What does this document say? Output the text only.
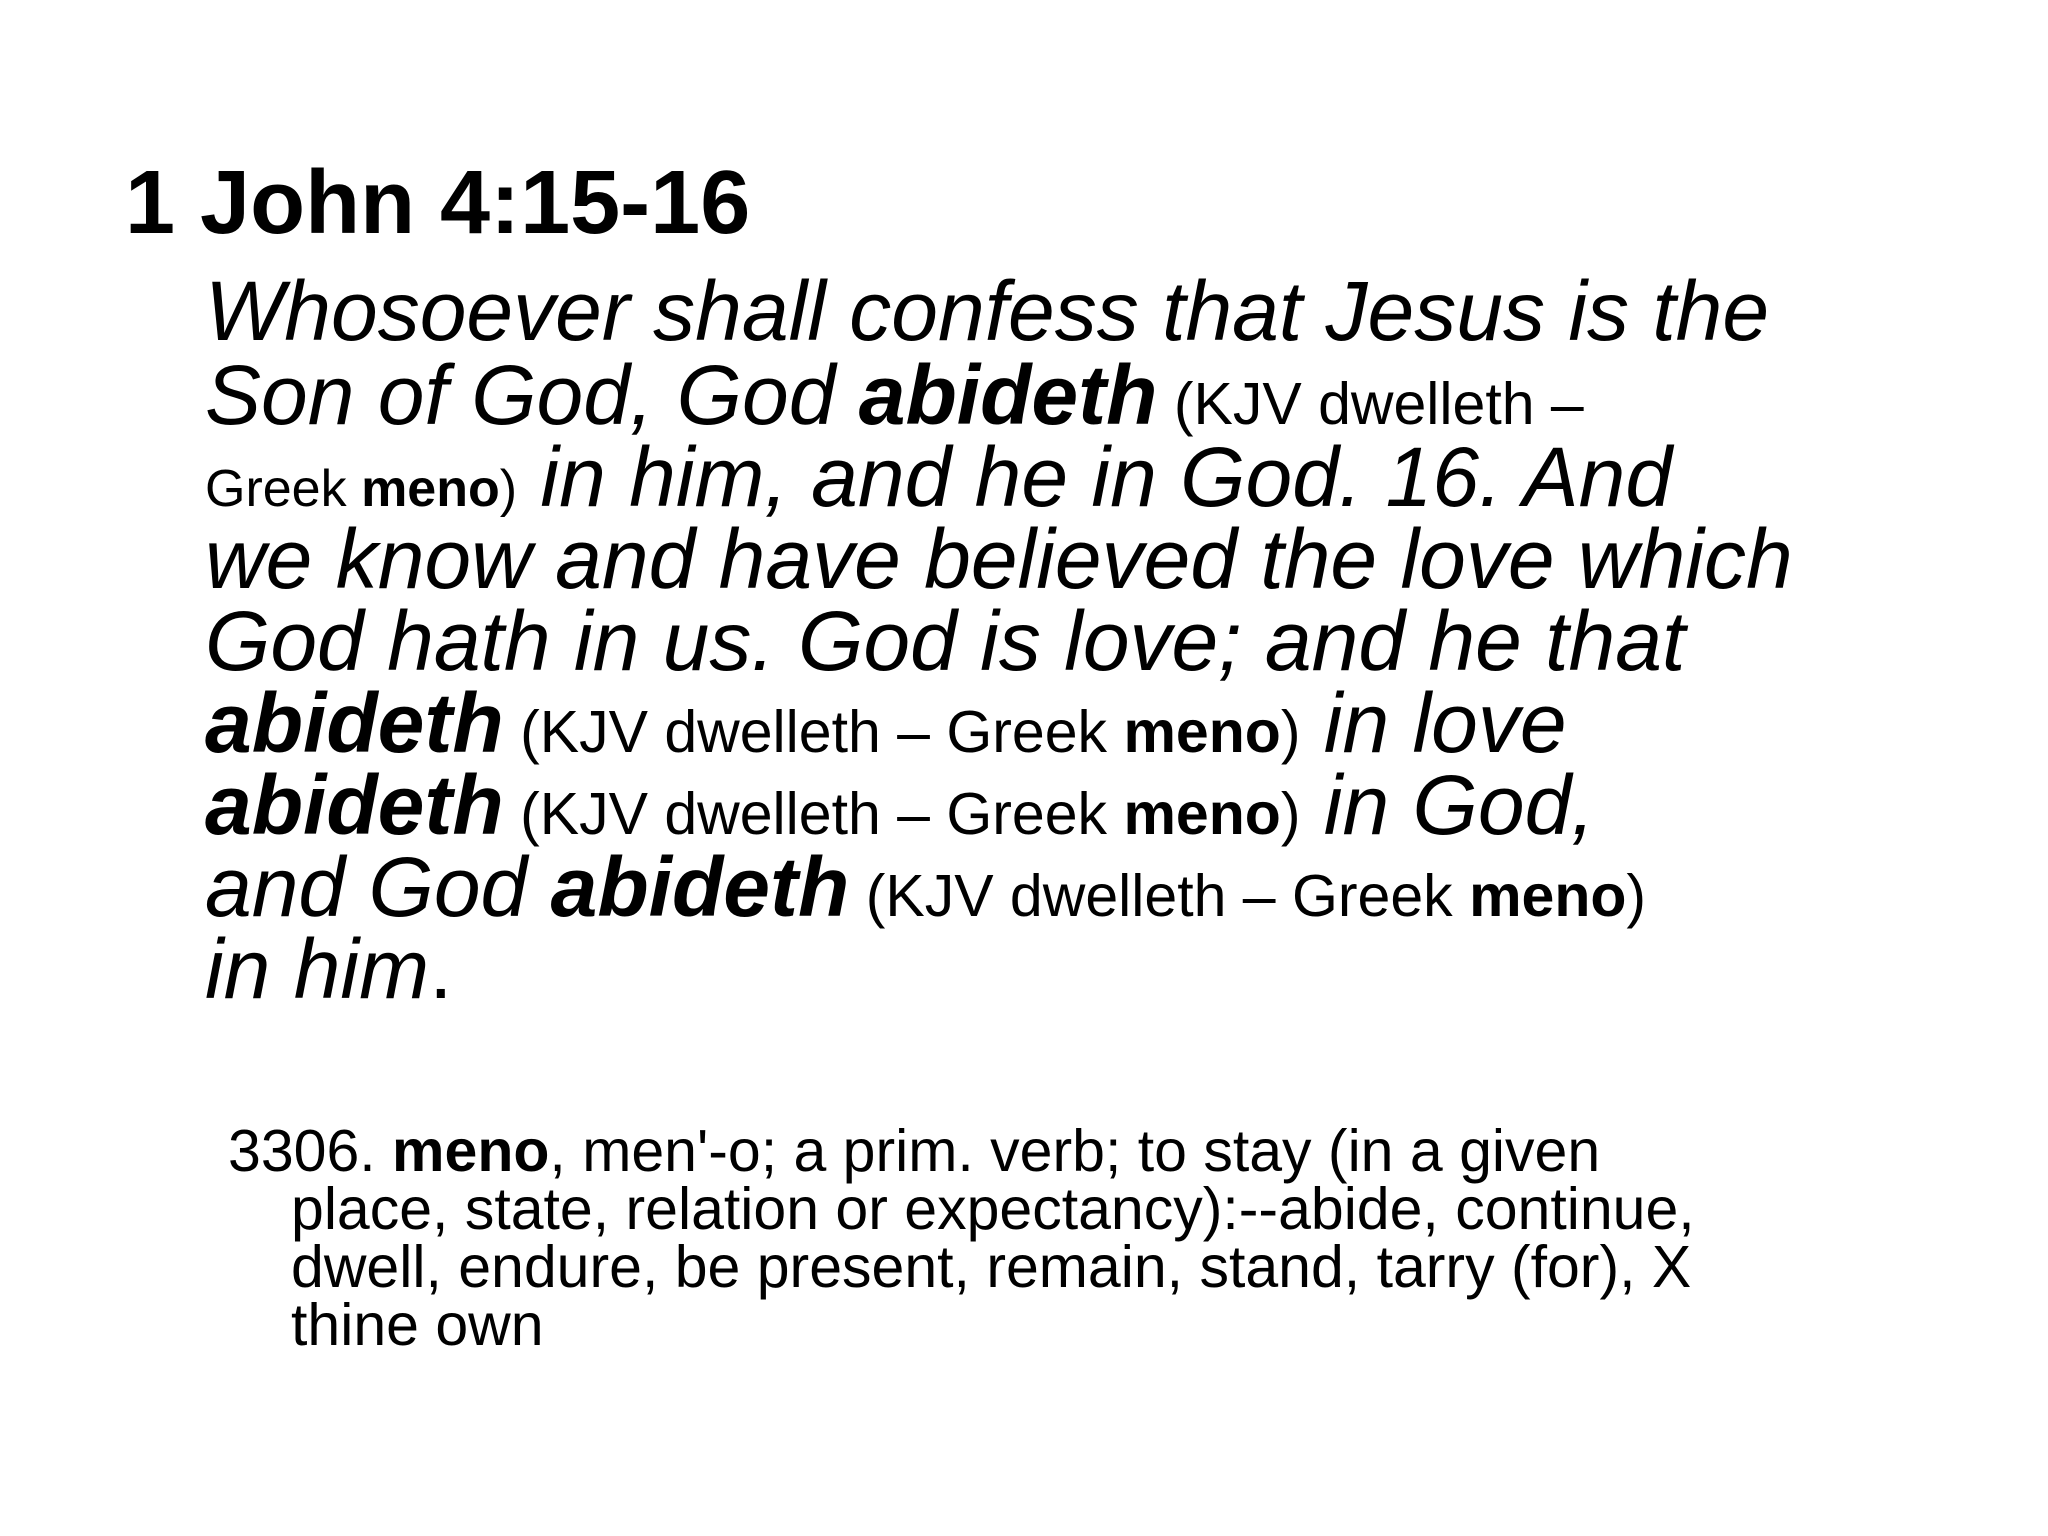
1 John 4:15-16
Whosoever shall confess that Jesus is the
Son of God, God abideth (KJV dwelleth –
Greek meno) in him, and he in God. 16. And
we know and have believed the love which
God hath in us. God is love; and he that
abideth (KJV dwelleth – Greek meno) in love
abideth (KJV dwelleth – Greek meno) in God,
and God abideth (KJV dwelleth – Greek meno)
in him.
3306. meno, men'-o; a prim. verb; to stay (in a given
place, state, relation or expectancy):--abide, continue,
dwell, endure, be present, remain, stand, tarry (for), X
thine own
